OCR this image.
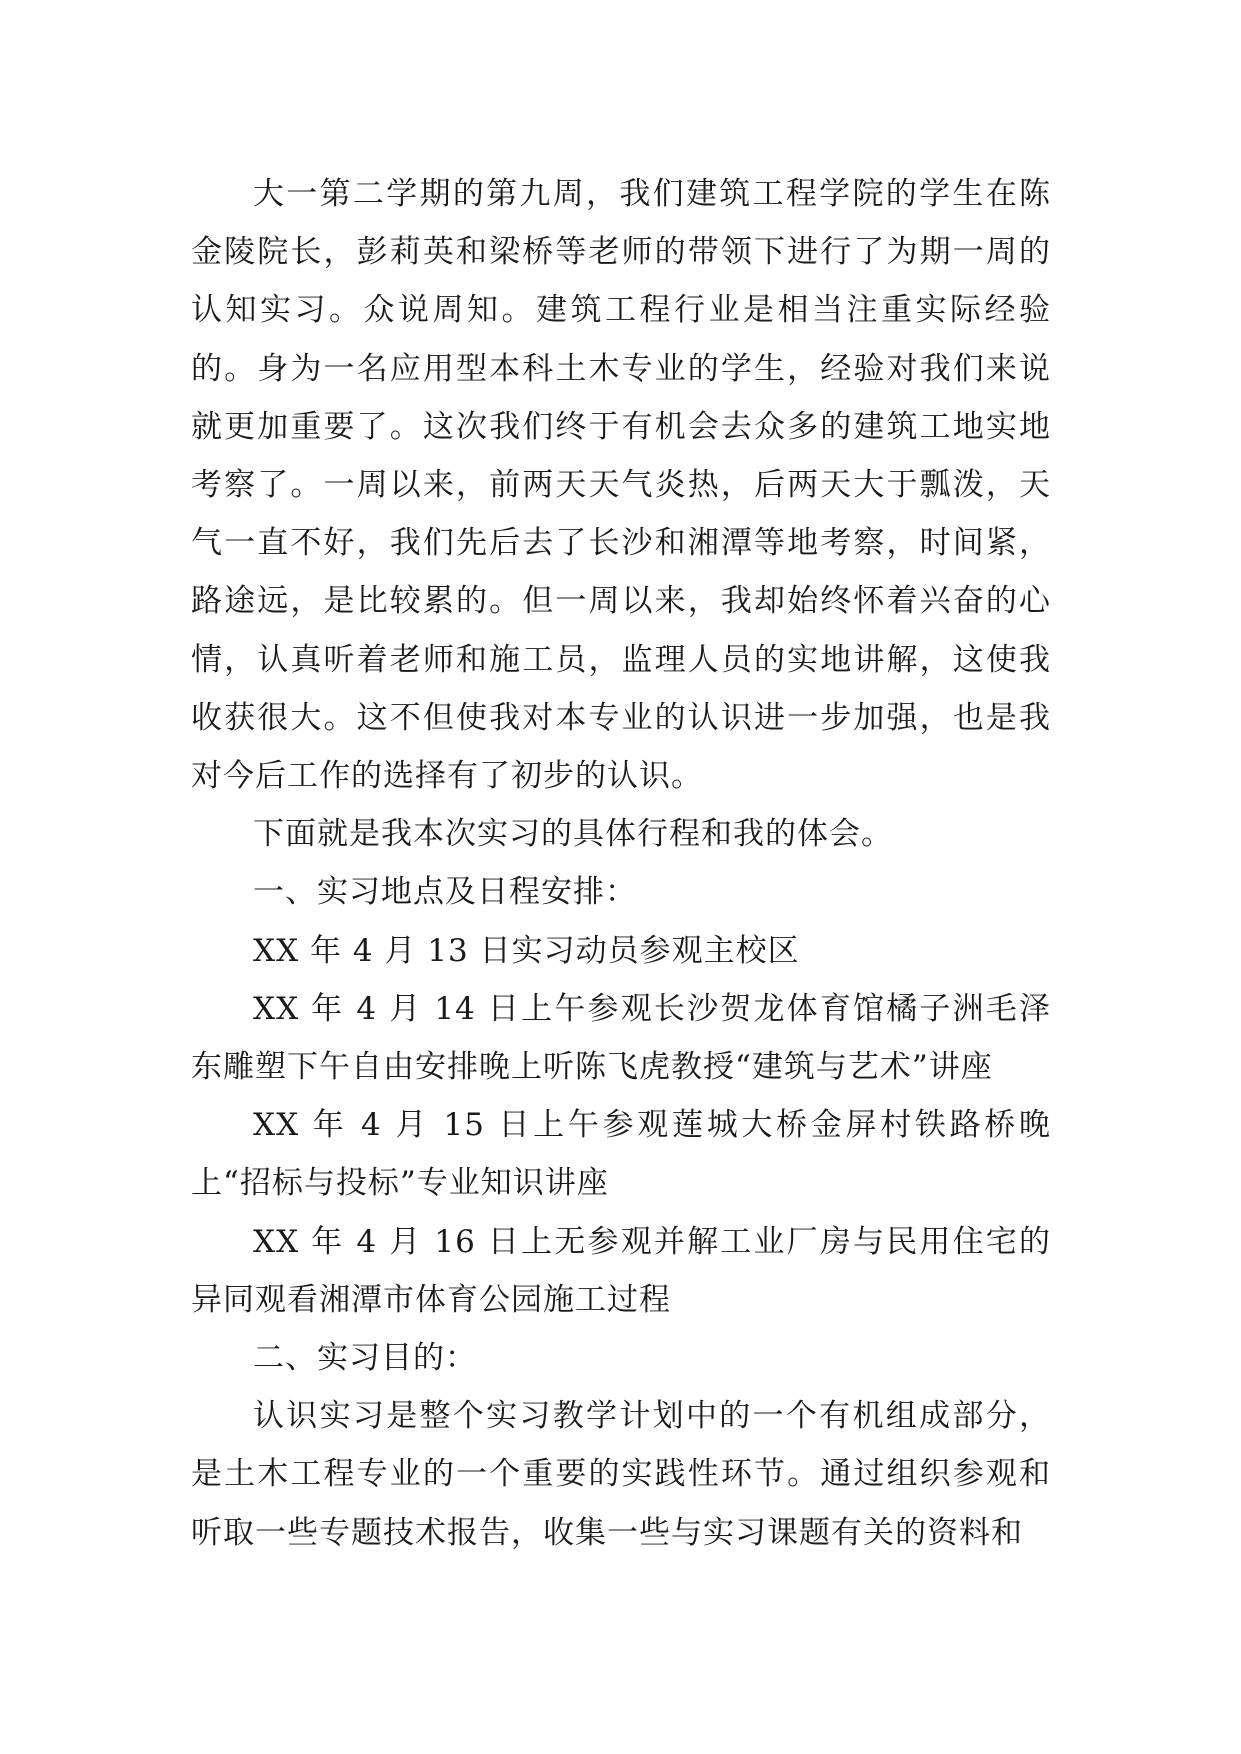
大一第二学期的第九周，我们建筑工程学院的学生在陈金陵院长，彭莉英和梁桥等老师的带领下进行了为期一周的认知实习。众说周知。建筑工程行业是相当注重实际经验的。身为一名应用型本科土木专业的学生，经验对我们来说就更加重要了。这次我们终于有机会去众多的建筑工地实地考察了。一周以来，前两天天气炎热，后两天大于瓢泼，天气一直不好，我们先后去了长沙和湘潭等地考察，时间紧，路途远，是比较累的。但一周以来，我却始终怀着兴奋的心情，认真听着老师和施工员，监理人员的实地讲解，这使我收获很大。这不但使我对本专业的认识进一步加强，也是我对今后工作的选择有了初步的认识。

下面就是我本次实习的具体行程和我的体会。

一、实习地点及日程安排：

XX 年 4 月 13 日实习动员参观主校区

XX 年 4 月 14 日上午参观长沙贺龙体育馆橘子洲毛泽东雕塑下午自由安排晚上听陈飞虎教授“建筑与艺术”讲座

XX 年 4 月 15 日上午参观莲城大桥金屏村铁路桥晚上“招标与投标”专业知识讲座

XX 年 4 月 16 日上无参观并解工业厂房与民用住宅的异同观看湘潭市体育公园施工过程

二、实习目的：

认识实习是整个实习教学计划中的一个有机组成部分，是土木工程专业的一个重要的实践性环节。通过组织参观和听取一些专题技术报告，收集一些与实习课题有关的资料和
